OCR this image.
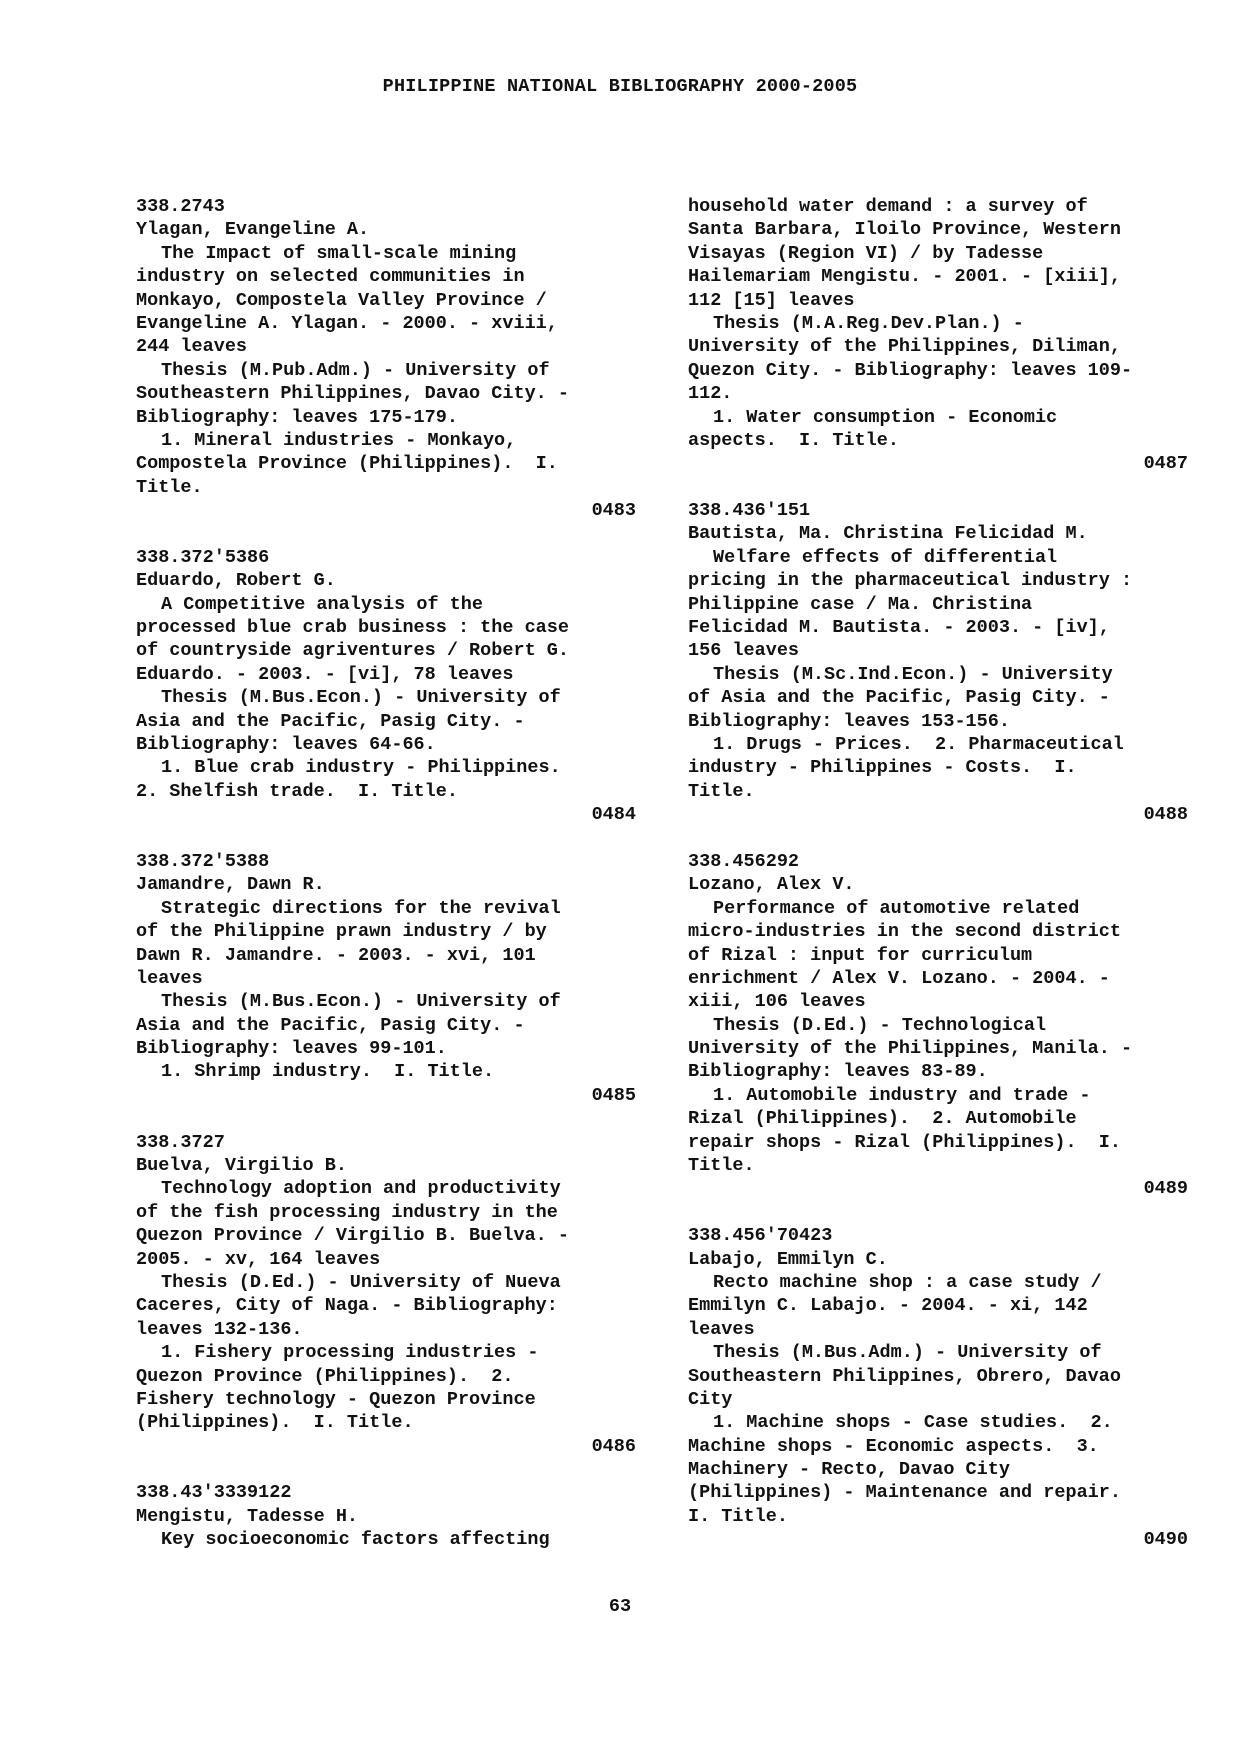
PHILIPPINE NATIONAL BIBLIOGRAPHY 2000-2005
338.2743
Ylagan, Evangeline A.
The Impact of small-scale mining
industry on selected communities in
Monkayo, Compostela Valley Province /
Evangeline A. Ylagan. - 2000. - xviii,
244 leaves
Thesis (M.Pub.Adm.) - University of
Southeastern Philippines, Davao City. -
Bibliography: leaves 175-179.
1. Mineral industries - Monkayo,
Compostela Province (Philippines).  I.
Title.
0483
338.372'5386
Eduardo, Robert G.
A Competitive analysis of the
processed blue crab business : the case
of countryside agriventures / Robert G.
Eduardo. - 2003. - [vi], 78 leaves
Thesis (M.Bus.Econ.) - University of
Asia and the Pacific, Pasig City. -
Bibliography: leaves 64-66.
1. Blue crab industry - Philippines.
2. Shelfish trade.  I. Title.
0484
338.372'5388
Jamandre, Dawn R.
Strategic directions for the revival
of the Philippine prawn industry / by
Dawn R. Jamandre. - 2003. - xvi, 101
leaves
Thesis (M.Bus.Econ.) - University of
Asia and the Pacific, Pasig City. -
Bibliography: leaves 99-101.
1. Shrimp industry.  I. Title.
0485
338.3727
Buelva, Virgilio B.
Technology adoption and productivity
of the fish processing industry in the
Quezon Province / Virgilio B. Buelva. -
2005. - xv, 164 leaves
Thesis (D.Ed.) - University of Nueva
Caceres, City of Naga. - Bibliography:
leaves 132-136.
1. Fishery processing industries -
Quezon Province (Philippines).  2.
Fishery technology - Quezon Province
(Philippines).  I. Title.
0486
338.43'3339122
Mengistu, Tadesse H.
Key socioeconomic factors affecting
household water demand : a survey of
Santa Barbara, Iloilo Province, Western
Visayas (Region VI) / by Tadesse
Hailemariam Mengistu. - 2001. - [xiii],
112 [15] leaves
Thesis (M.A.Reg.Dev.Plan.) -
University of the Philippines, Diliman,
Quezon City. - Bibliography: leaves 109-
112.
1. Water consumption - Economic
aspects.  I. Title.
0487
338.436'151
Bautista, Ma. Christina Felicidad M.
Welfare effects of differential
pricing in the pharmaceutical industry :
Philippine case / Ma. Christina
Felicidad M. Bautista. - 2003. - [iv],
156 leaves
Thesis (M.Sc.Ind.Econ.) - University
of Asia and the Pacific, Pasig City. -
Bibliography: leaves 153-156.
1. Drugs - Prices.  2. Pharmaceutical
industry - Philippines - Costs.  I.
Title.
0488
338.456292
Lozano, Alex V.
Performance of automotive related
micro-industries in the second district
of Rizal : input for curriculum
enrichment / Alex V. Lozano. - 2004. -
xiii, 106 leaves
Thesis (D.Ed.) - Technological
University of the Philippines, Manila. -
Bibliography: leaves 83-89.
1. Automobile industry and trade -
Rizal (Philippines).  2. Automobile
repair shops - Rizal (Philippines).  I.
Title.
0489
338.456'70423
Labajo, Emmilyn C.
Recto machine shop : a case study /
Emmilyn C. Labajo. - 2004. - xi, 142
leaves
Thesis (M.Bus.Adm.) - University of
Southeastern Philippines, Obrero, Davao
City
1. Machine shops - Case studies.  2.
Machine shops - Economic aspects.  3.
Machinery - Recto, Davao City
(Philippines) - Maintenance and repair.
I. Title.
0490
63
